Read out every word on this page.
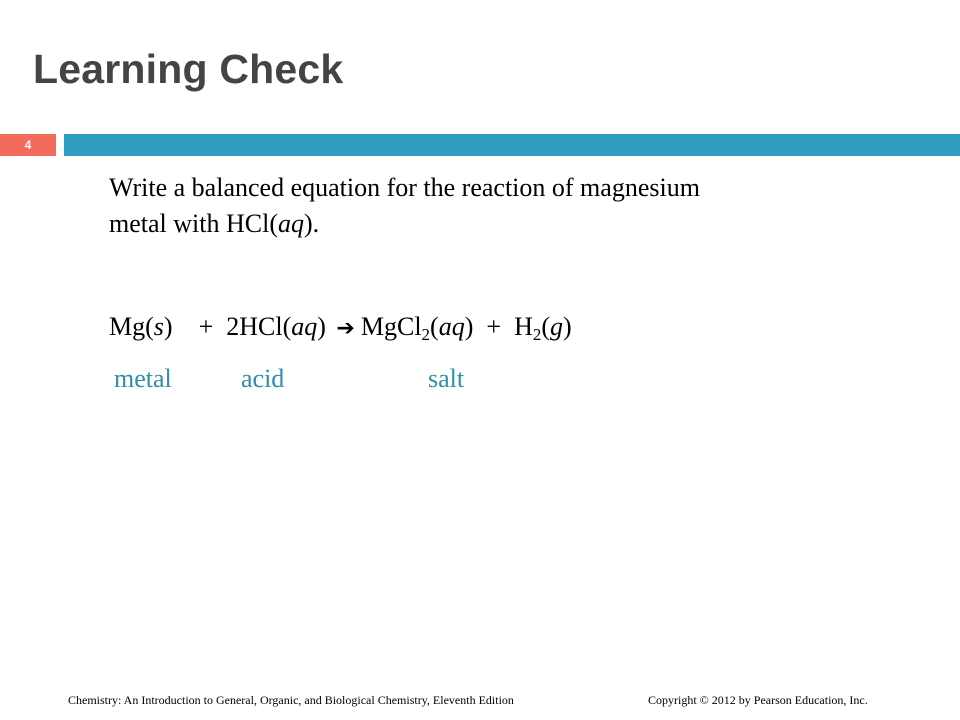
Learning Check
4
Write a balanced equation for the reaction of magnesium
metal with HCl(aq).
Mg(s)    + 2HCl(aq) ➔ MgCl$_2$(aq)  + $H_2(g)$
metal	acid	salt
Chemistry: An Introduction to General, Organic, and Biological Chemistry, Eleventh Edition	Copyright © 2012 by Pearson Education, Inc.
